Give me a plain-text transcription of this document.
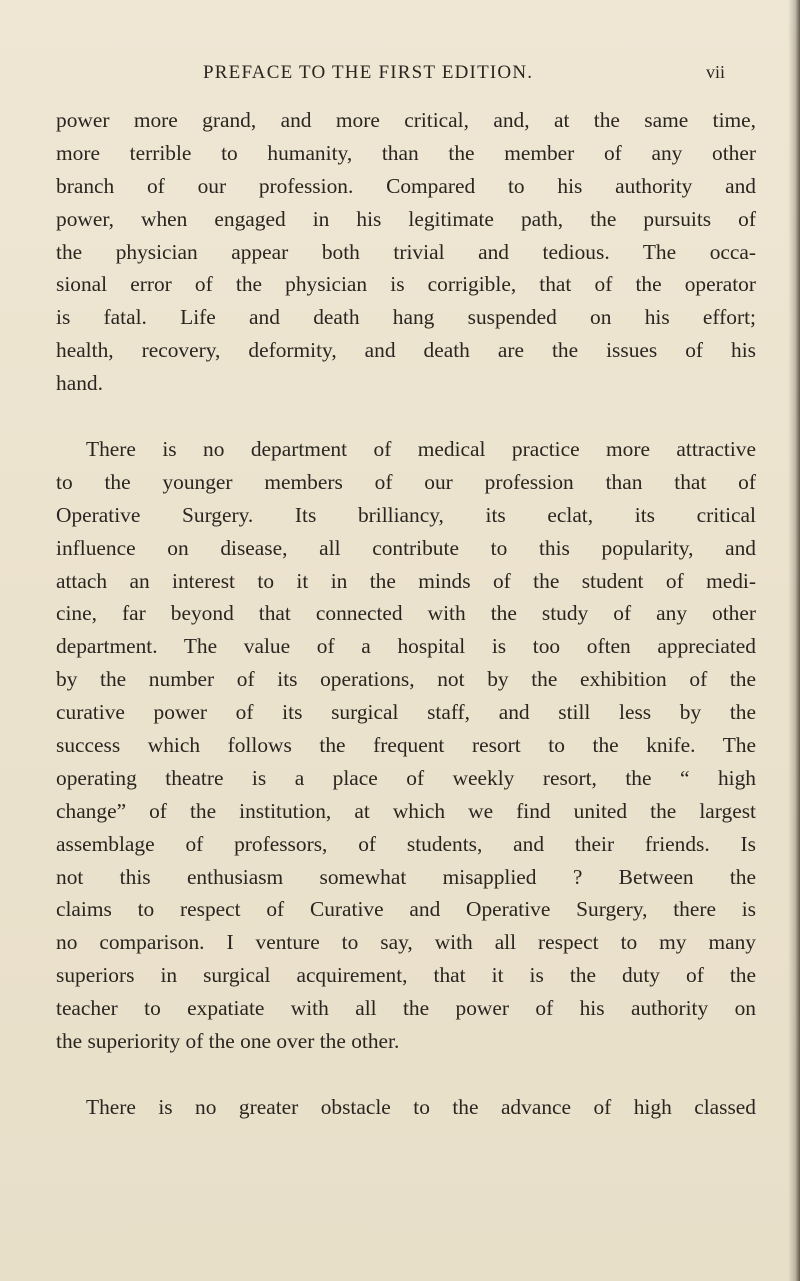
PREFACE TO THE FIRST EDITION.	vii
power more grand, and more critical, and, at the same time,
more terrible to humanity, than the member of any other
branch of our profession. Compared to his authority and
power, when engaged in his legitimate path, the pursuits of
the physician appear both trivial and tedious. The occa-
sional error of the physician is corrigible, that of the operator
is fatal. Life and death hang suspended on his effort;
health, recovery, deformity, and death are the issues of his
hand.
There is no department of medical practice more attractive
to the younger members of our profession than that of
Operative Surgery. Its brilliancy, its eclat, its critical
influence on disease, all contribute to this popularity, and
attach an interest to it in the minds of the student of medi-
cine, far beyond that connected with the study of any other
department. The value of a hospital is too often appreciated
by the number of its operations, not by the exhibition of the
curative power of its surgical staff, and still less by the
success which follows the frequent resort to the knife. The
operating theatre is a place of weekly resort, the “ high
change” of the institution, at which we find united the largest
assemblage of professors, of students, and their friends. Is
not this enthusiasm somewhat misapplied ? Between the
claims to respect of Curative and Operative Surgery, there is
no comparison. I venture to say, with all respect to my many
superiors in surgical acquirement, that it is the duty of the
teacher to expatiate with all the power of his authority on
the superiority of the one over the other.
There is no greater obstacle to the advance of high classed
